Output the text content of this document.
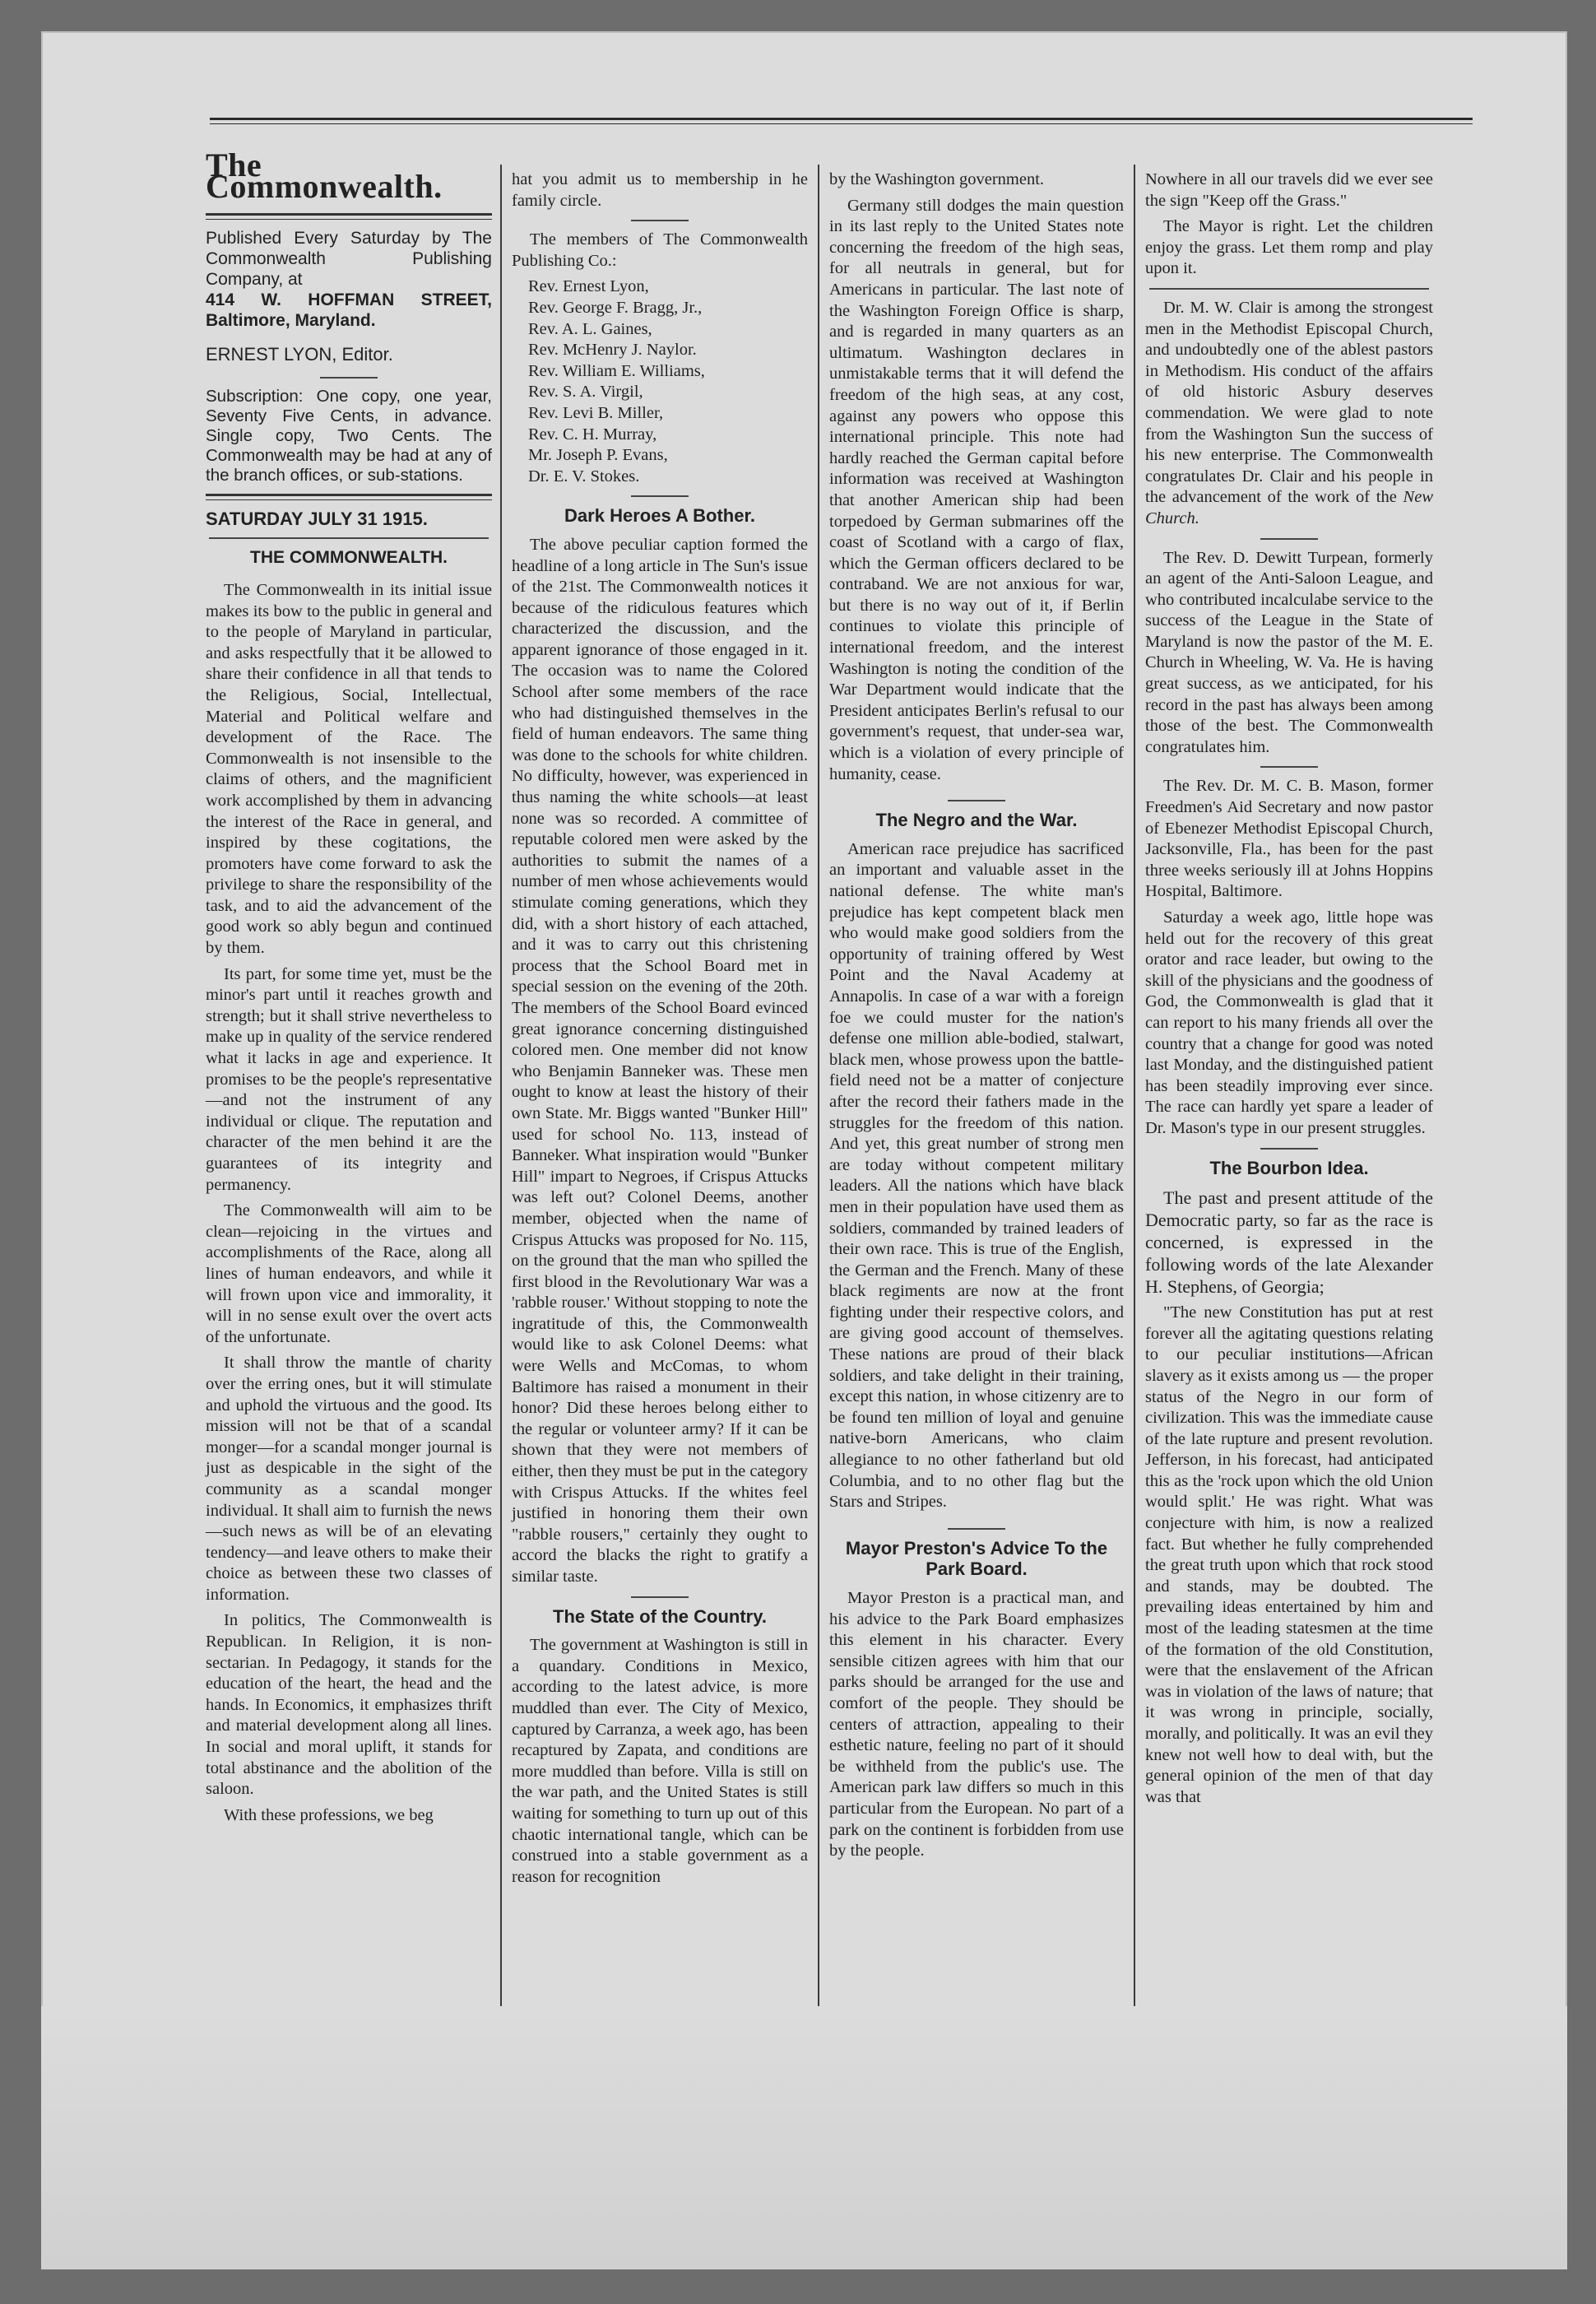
The Commonwealth.
Published Every Saturday by The Commonwealth Publishing Company, at
414 W. HOFFMAN STREET, Baltimore, Maryland.
ERNEST LYON, Editor.
Subscription: One copy, one year, Seventy Five Cents, in advance. Single copy, Two Cents. The Commonwealth may be had at any of the branch offices, or sub-stations.
SATURDAY JULY 31 1915.
THE COMMONWEALTH.

The Commonwealth in its initial issue makes its bow to the public in general and to the people of Maryland in particular, and asks respectfully that it be allowed to share their confidence in all that tends to the Religious, Social, Intellectual, Material and Political welfare and development of the Race. The Commonwealth is not insensible to the claims of others, and the magnificient work accomplished by them in advancing the interest of the Race in general, and inspired by these cogitations, the promoters have come forward to ask the privilege to share the responsibility of the task, and to aid the advancement of the good work so ably begun and continued by them.

Its part, for some time yet, must be the minor's part until it reaches growth and strength; but it shall strive nevertheless to make up in quality of the service rendered what it lacks in age and experience. It promises to be the people's representative—and not the instrument of any individual or clique. The reputation and character of the men behind it are the guarantees of its integrity and permanency.

The Commonwealth will aim to be clean—rejoicing in the virtues and accomplishments of the Race, along all lines of human endeavors, and while it will frown upon vice and immorality, it will in no sense exult over the overt acts of the unfortunate.

It shall throw the mantle of charity over the erring ones, but it will stimulate and uphold the virtuous and the good. Its mission will not be that of a scandal monger—for a scandal monger journal is just as despicable in the sight of the community as a scandal monger individual. It shall aim to furnish the news—such news as will be of an elevating tendency—and leave others to make their choice as between these two classes of information.

In politics, The Commonwealth is Republican. In Religion, it is non-sectarian. In Pedagogy, it stands for the education of the heart, the head and the hands. In Economics, it emphasizes thrift and material development along all lines. In social and moral uplift, it stands for total abstinance and the abolition of the saloon.

With these professions, we beg

hat you admit us to membership in he family circle.

The members of The Commonwealth Publishing Co.:

Rev. Ernest Lyon,
Rev. George F. Bragg, Jr.,
Rev. A. L. Gaines,
Rev. McHenry J. Naylor.
Rev. William E. Williams,
Rev. S. A. Virgil,
Rev. Levi B. Miller,
Rev. C. H. Murray,
Mr. Joseph P. Evans,
Dr. E. V. Stokes.
Dark Heroes A Bother.

The above peculiar caption formed the headline of a long article in The Sun's issue of the 21st. The Commonwealth notices it because of the ridiculous features which characterized the discussion, and the apparent ignorance of those engaged in it. The occasion was to name the Colored School after some members of the race who had distinguished themselves in the field of human endeavors. The same thing was done to the schools for white children. No difficulty, however, was experienced in thus naming the white schools—at least none was so recorded. A committee of reputable colored men were asked by the authorities to submit the names of a number of men whose achievements would stimulate coming generations, which they did, with a short history of each attached, and it was to carry out this christening process that the School Board met in special session on the evening of the 20th. The members of the School Board evinced great ignorance concerning distinguished colored men. One member did not know who Benjamin Banneker was. These men ought to know at least the history of their own State. Mr. Biggs wanted "Bunker Hill" used for school No. 113, instead of Banneker. What inspiration would "Bunker Hill" impart to Negroes, if Crispus Attucks was left out? Colonel Deems, another member, objected when the name of Crispus Attucks was proposed for No. 115, on the ground that the man who spilled the first blood in the Revolutionary War was a 'rabble rouser.' Without stopping to note the ingratitude of this, the Commonwealth would like to ask Colonel Deems: what were Wells and McComas, to whom Baltimore has raised a monument in their honor? Did these heroes belong either to the regular or volunteer army? If it can be shown that they were not members of either, then they must be put in the category with Crispus Attucks. If the whites feel justified in honoring them their own "rabble rousers," certainly they ought to accord the blacks the right to gratify a similar taste.

The State of the Country.

The government at Washington is still in a quandary. Conditions in Mexico, according to the latest advice, is more muddled than ever. The City of Mexico, captured by Carranza, a week ago, has been recaptured by Zapata, and conditions are more muddled than before. Villa is still on the war path, and the United States is still waiting for something to turn up out of this chaotic international tangle, which can be construed into a stable government as a reason for recognition

by the Washington government.

Germany still dodges the main question in its last reply to the United States note concerning the freedom of the high seas, for all neutrals in general, but for Americans in particular. The last note of the Washington Foreign Office is sharp, and is regarded in many quarters as an ultimatum. Washington declares in unmistakable terms that it will defend the freedom of the high seas, at any cost, against any powers who oppose this international principle. This note had hardly reached the German capital before information was received at Washington that another American ship had been torpedoed by German submarines off the coast of Scotland with a cargo of flax, which the German officers declared to be contraband. We are not anxious for war, but there is no way out of it, if Berlin continues to violate this principle of international freedom, and the interest Washington is noting the condition of the War Department would indicate that the President anticipates Berlin's refusal to our government's request, that under-sea war, which is a violation of every principle of humanity, cease.

The Negro and the War.

American race prejudice has sacrificed an important and valuable asset in the national defense. The white man's prejudice has kept competent black men who would make good soldiers from the opportunity of training offered by West Point and the Naval Academy at Annapolis. In case of a war with a foreign foe we could muster for the nation's defense one million able-bodied, stalwart, black men, whose prowess upon the battle-field need not be a matter of conjecture after the record their fathers made in the struggles for the freedom of this nation. And yet, this great number of strong men are today without competent military leaders. All the nations which have black men in their population have used them as soldiers, commanded by trained leaders of their own race. This is true of the English, the German and the French. Many of these black regiments are now at the front fighting under their respective colors, and are giving good account of themselves. These nations are proud of their black soldiers, and take delight in their training, except this nation, in whose citizenry are to be found ten million of loyal and genuine native-born Americans, who claim allegiance to no other fatherland but old Columbia, and to no other flag but the Stars and Stripes.

Mayor Preston's Advice To the Park Board.

Mayor Preston is a practical man, and his advice to the Park Board emphasizes this element in his character. Every sensible citizen agrees with him that our parks should be arranged for the use and comfort of the people. They should be centers of attraction, appealing to their esthetic nature, feeling no part of it should be withheld from the public's use. The American park law differs so much in this particular from the European. No part of a park on the continent is forbidden from use by the people.

Nowhere in all our travels did we ever see the sign "Keep off the Grass."

The Mayor is right. Let the children enjoy the grass. Let them romp and play upon it.

Dr. M. W. Clair is among the strongest men in the Methodist Episcopal Church, and undoubtedly one of the ablest pastors in Methodism. His conduct of the affairs of old historic Asbury deserves commendation. We were glad to note from the Washington Sun the success of his new enterprise. The Commonwealth congratulates Dr. Clair and his people in the advancement of the work of the New Church.

The Rev. D. Dewitt Turpean, formerly an agent of the Anti-Saloon League, and who contributed incalculabe service to the success of the League in the State of Maryland is now the pastor of the M. E. Church in Wheeling, W. Va. He is having great success, as we anticipated, for his record in the past has always been among those of the best. The Commonwealth congratulates him.

The Rev. Dr. M. C. B. Mason, former Freedmen's Aid Secretary and now pastor of Ebenezer Methodist Episcopal Church, Jacksonville, Fla., has been for the past three weeks seriously ill at Johns Hoppins Hospital, Baltimore.

Saturday a week ago, little hope was held out for the recovery of this great orator and race leader, but owing to the skill of the physicians and the goodness of God, the Commonwealth is glad that it can report to his many friends all over the country that a change for good was noted last Monday, and the distinguished patient has been steadily improving ever since. The race can hardly yet spare a leader of Dr. Mason's type in our present struggles.

The Bourbon Idea.

The past and present attitude of the Democratic party, so far as the race is concerned, is expressed in the following words of the late Alexander H. Stephens, of Georgia;

"The new Constitution has put at rest forever all the agitating questions relating to our peculiar institutions—African slavery as it exists among us — the proper status of the Negro in our form of civilization. This was the immediate cause of the late rupture and present revolution. Jefferson, in his forecast, had anticipated this as the 'rock upon which the old Union would split.' He was right. What was conjecture with him, is now a realized fact. But whether he fully comprehended the great truth upon which that rock stood and stands, may be doubted. The prevailing ideas entertained by him and most of the leading statesmen at the time of the formation of the old Constitution, were that the enslavement of the African was in violation of the laws of nature; that it was wrong in principle, socially, morally, and politically. It was an evil they knew not well how to deal with, but the general opinion of the men of that day was that
